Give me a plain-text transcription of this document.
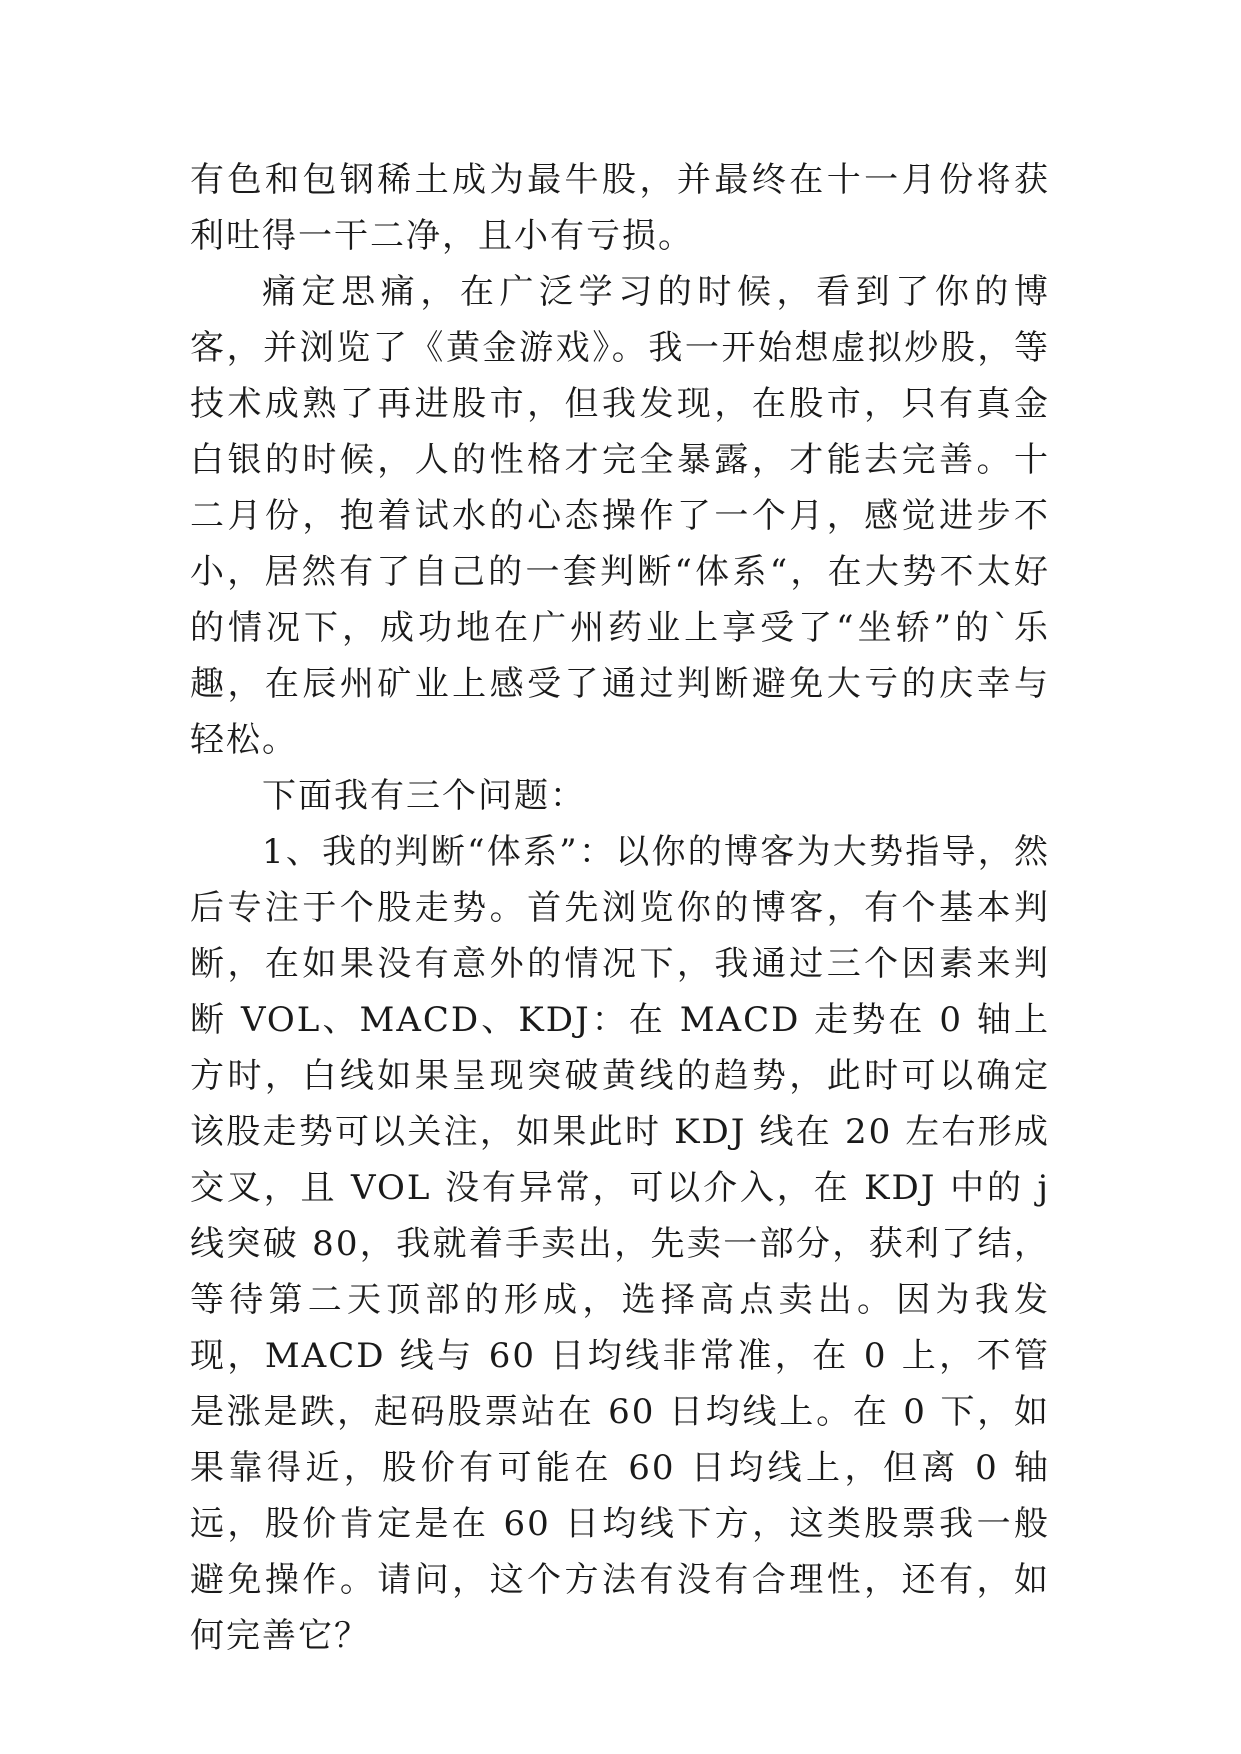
有色和包钢稀土成为最牛股，并最终在十一月份将获利吐得一干二净，且小有亏损。

痛定思痛，在广泛学习的时候，看到了你的博客，并浏览了《黄金游戏》。我一开始想虚拟炒股，等技术成熟了再进股市，但我发现，在股市，只有真金白银的时候，人的性格才完全暴露，才能去完善。十二月份，抱着试水的心态操作了一个月，感觉进步不小，居然有了自己的一套判断“体系“，在大势不太好的情况下，成功地在广州药业上享受了“坐轿”的`乐趣，在辰州矿业上感受了通过判断避免大亏的庆幸与轻松。

下面我有三个问题：

1、我的判断“体系”：以你的博客为大势指导，然后专注于个股走势。首先浏览你的博客，有个基本判断，在如果没有意外的情况下，我通过三个因素来判断 VOL、MACD、KDJ：在 MACD 走势在 0 轴上方时，白线如果呈现突破黄线的趋势，此时可以确定该股走势可以关注，如果此时 KDJ 线在 20 左右形成交叉，且 VOL 没有异常，可以介入，在 KDJ 中的 j 线突破 80，我就着手卖出，先卖一部分，获利了结，等待第二天顶部的形成，选择高点卖出。因为我发现，MACD 线与 60 日均线非常准，在 0 上，不管是涨是跌，起码股票站在 60 日均线上。在 0 下，如果靠得近，股价有可能在 60 日均线上，但离 0 轴远，股价肯定是在 60 日均线下方，这类股票我一般避免操作。请问，这个方法有没有合理性，还有，如何完善它？
